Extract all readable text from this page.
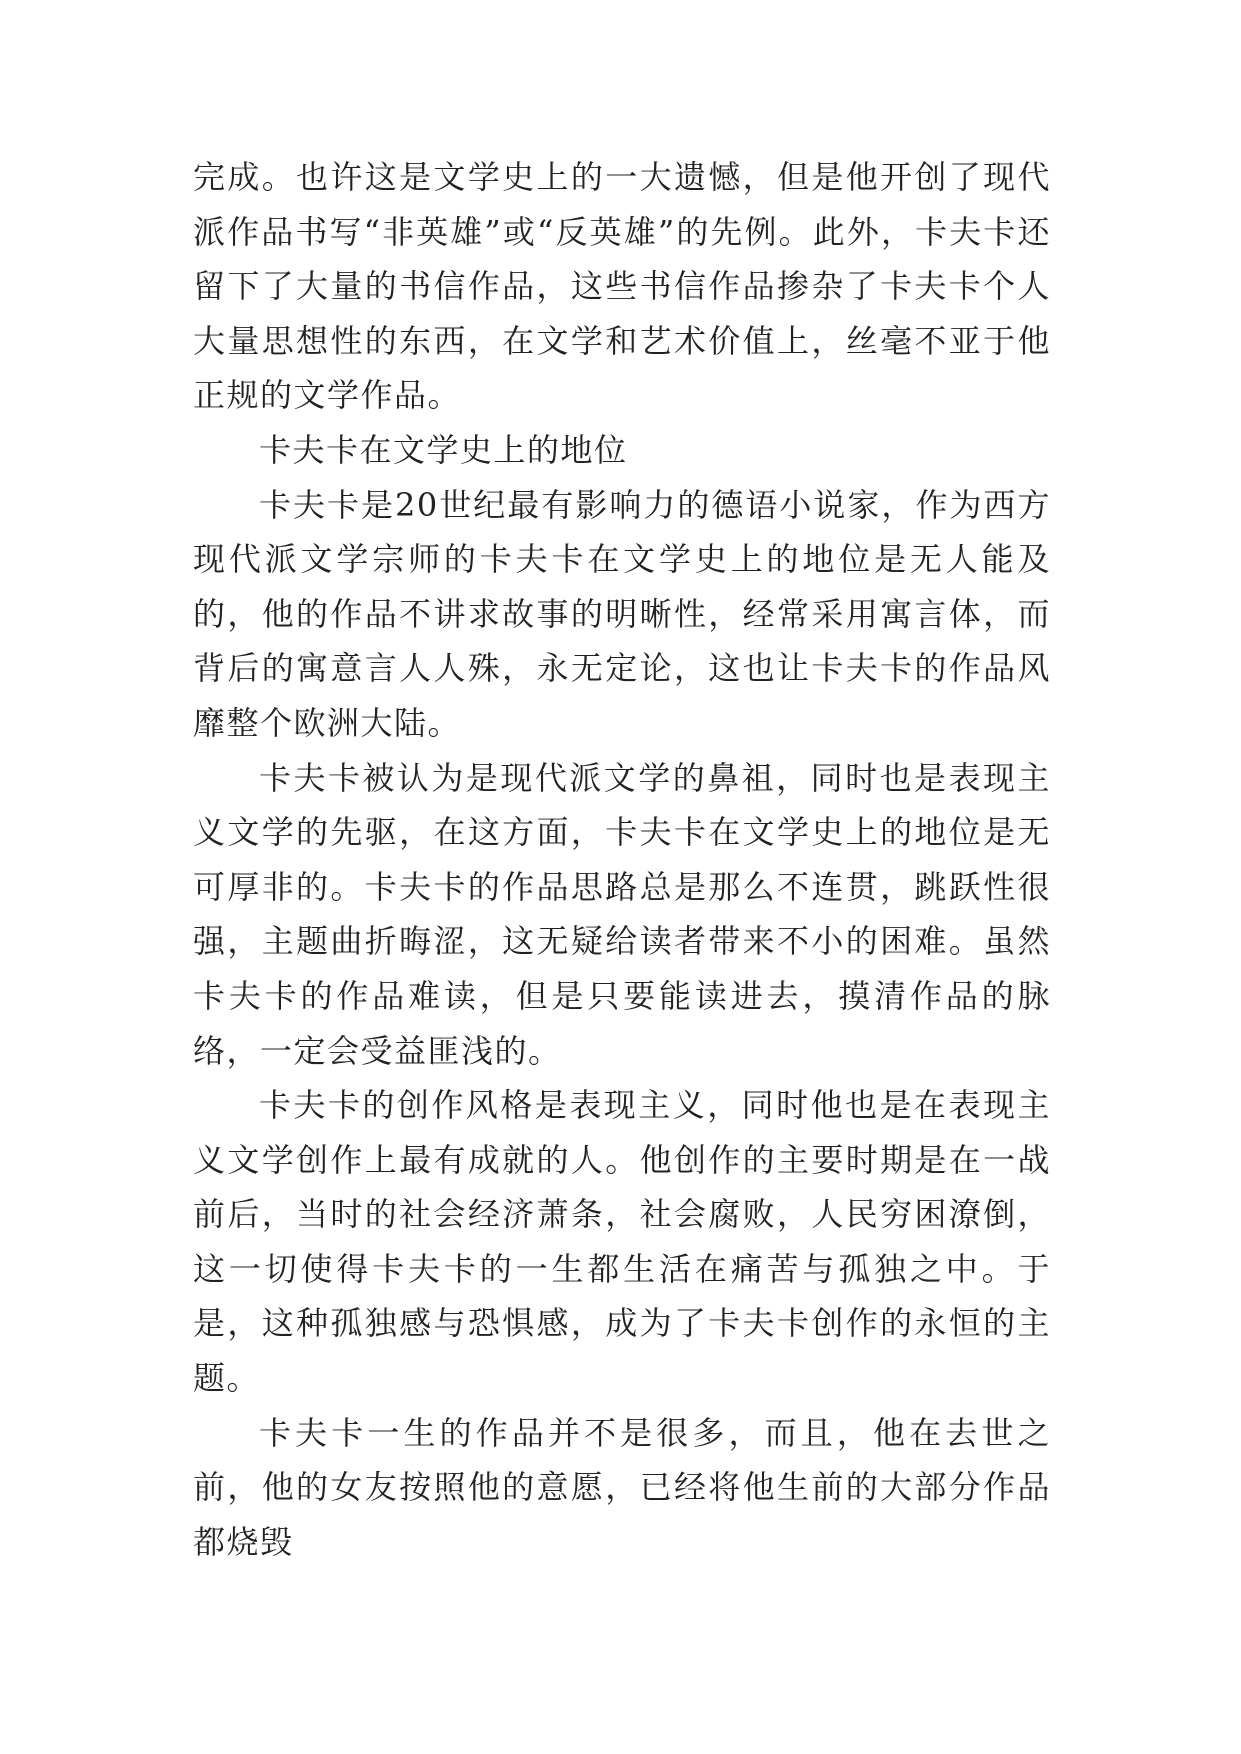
完成。也许这是文学史上的一大遗憾，但是他开创了现代派作品书写“非英雄”或“反英雄”的先例。此外，卡夫卡还留下了大量的书信作品，这些书信作品掺杂了卡夫卡个人大量思想性的东西，在文学和艺术价值上，丝毫不亚于他正规的文学作品。

卡夫卡在文学史上的地位

卡夫卡是20世纪最有影响力的德语小说家，作为西方现代派文学宗师的卡夫卡在文学史上的地位是无人能及的，他的作品不讲求故事的明晰性，经常采用寓言体，而背后的寓意言人人殊，永无定论，这也让卡夫卡的作品风靡整个欧洲大陆。

卡夫卡被认为是现代派文学的鼻祖，同时也是表现主义文学的先驱，在这方面，卡夫卡在文学史上的地位是无可厚非的。卡夫卡的作品思路总是那么不连贯，跳跃性很强，主题曲折晦涩，这无疑给读者带来不小的困难。虽然卡夫卡的作品难读，但是只要能读进去，摸清作品的脉络，一定会受益匪浅的。

卡夫卡的创作风格是表现主义，同时他也是在表现主义文学创作上最有成就的人。他创作的主要时期是在一战前后，当时的社会经济萧条，社会腐败，人民穷困潦倒，这一切使得卡夫卡的一生都生活在痛苦与孤独之中。于是，这种孤独感与恐惧感，成为了卡夫卡创作的永恒的主题。

卡夫卡一生的作品并不是很多，而且，他在去世之前，他的女友按照他的意愿，已经将他生前的大部分作品都烧毁
